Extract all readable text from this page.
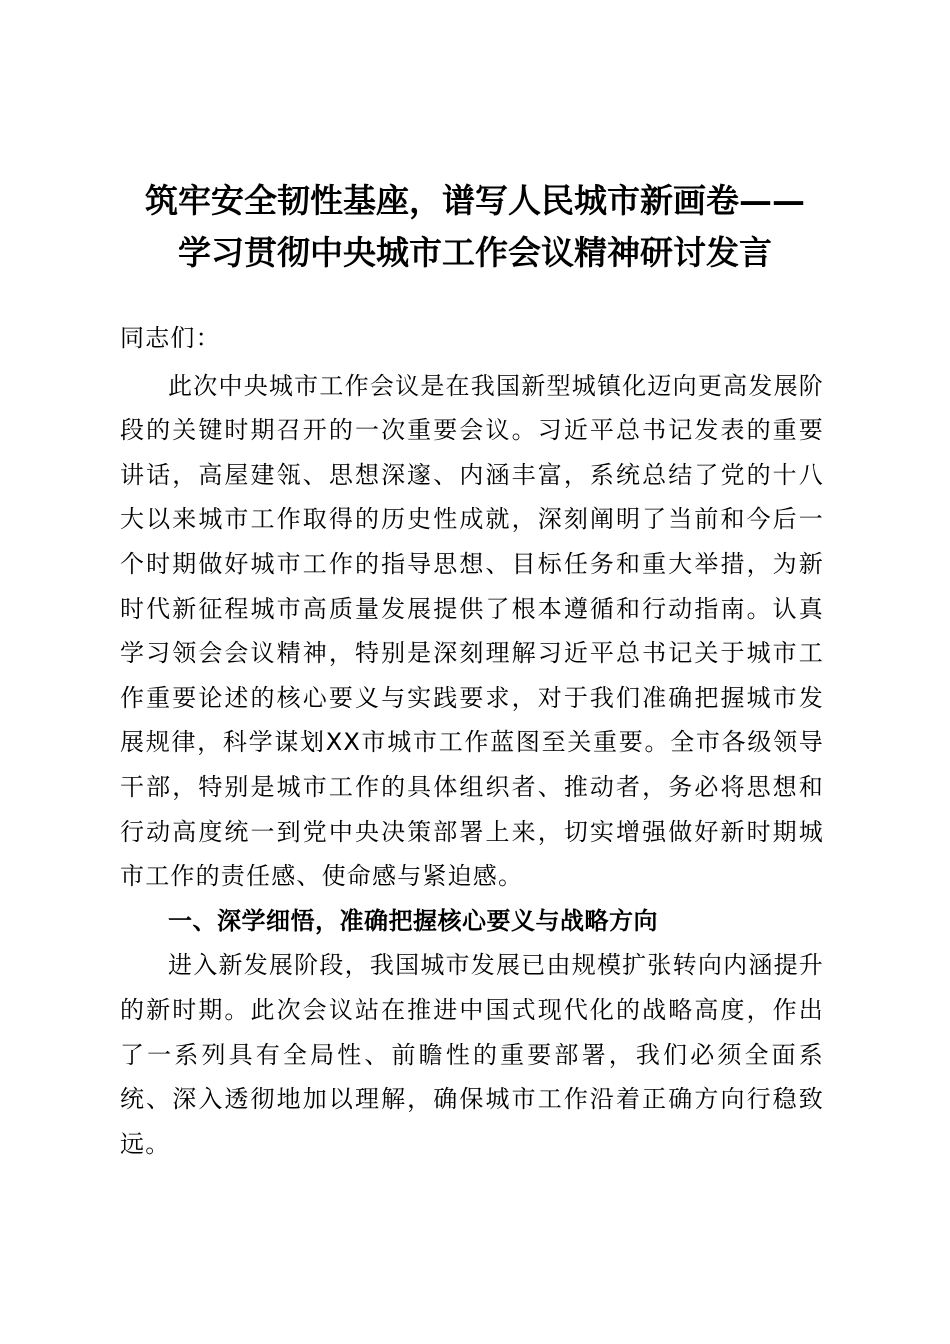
筑牢安全韧性基座，谱写人民城市新画卷——
学习贯彻中央城市工作会议精神研讨发言

同志们：

此次中央城市工作会议是在我国新型城镇化迈向更高发展阶段的关键时期召开的一次重要会议。习近平总书记发表的重要讲话，高屋建瓴、思想深邃、内涵丰富，系统总结了党的十八大以来城市工作取得的历史性成就，深刻阐明了当前和今后一个时期做好城市工作的指导思想、目标任务和重大举措，为新时代新征程城市高质量发展提供了根本遵循和行动指南。认真学习领会会议精神，特别是深刻理解习近平总书记关于城市工作重要论述的核心要义与实践要求，对于我们准确把握城市发展规律，科学谋划XX市城市工作蓝图至关重要。全市各级领导干部，特别是城市工作的具体组织者、推动者，务必将思想和行动高度统一到党中央决策部署上来，切实增强做好新时期城市工作的责任感、使命感与紧迫感。

一、深学细悟，准确把握核心要义与战略方向

进入新发展阶段，我国城市发展已由规模扩张转向内涵提升的新时期。此次会议站在推进中国式现代化的战略高度，作出了一系列具有全局性、前瞻性的重要部署，我们必须全面系统、深入透彻地加以理解，确保城市工作沿着正确方向行稳致远。
